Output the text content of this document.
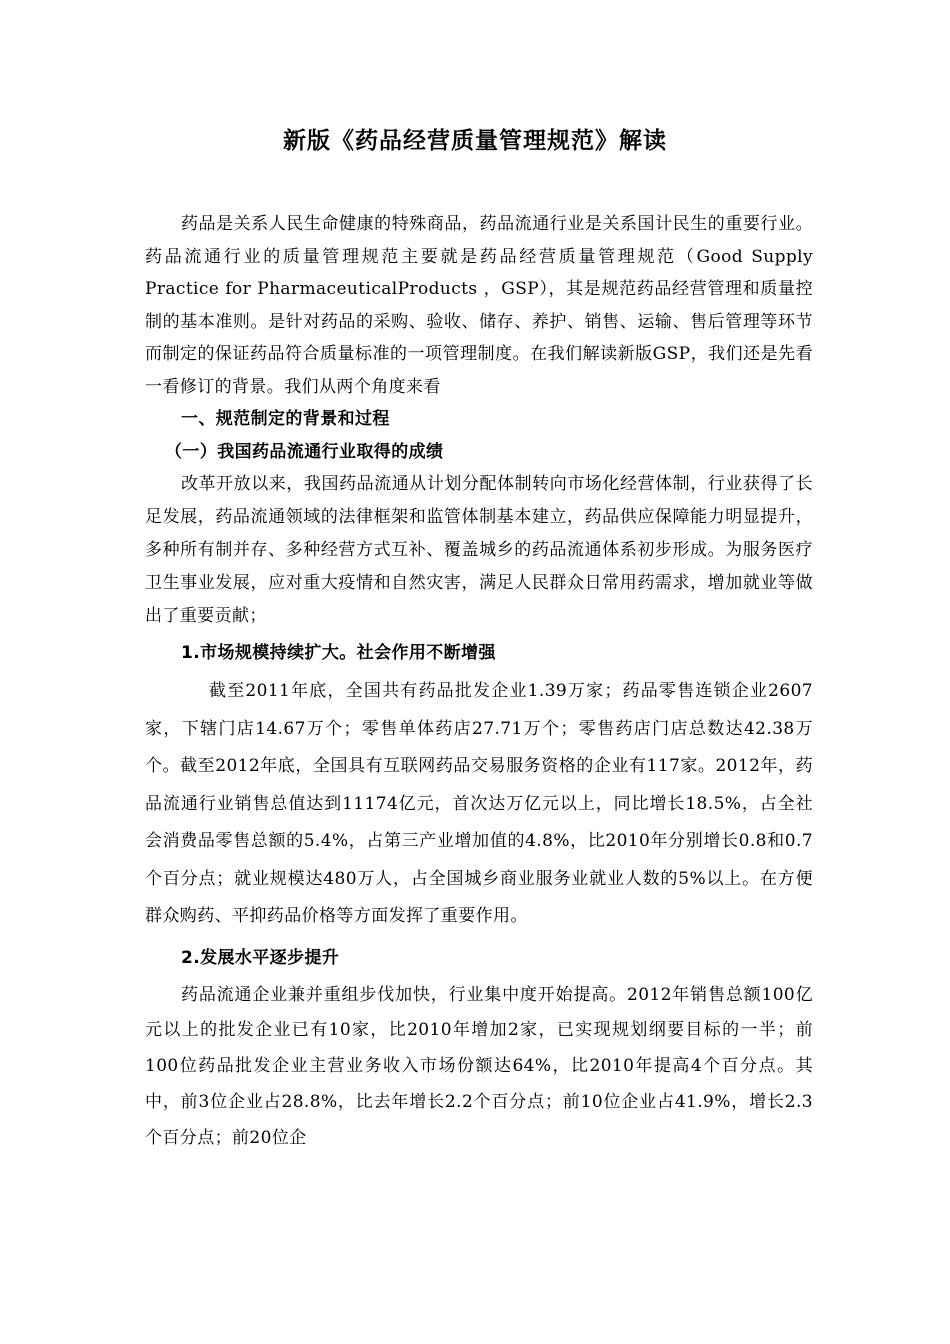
新版《药品经营质量管理规范》解读

药品是关系人民生命健康的特殊商品，药品流通行业是关系国计民生的重要行业。药品流通行业的质量管理规范主要就是药品经营质量管理规范（Good Supply Practice for PharmaceuticalProducts ，GSP），其是规范药品经营管理和质量控制的基本准则。是针对药品的采购、验收、储存、养护、销售、运输、售后管理等环节而制定的保证药品符合质量标准的一项管理制度。在我们解读新版GSP，我们还是先看一看修订的背景。我们从两个角度来看

一、规范制定的背景和过程

（一）我国药品流通行业取得的成绩

改革开放以来，我国药品流通从计划分配体制转向市场化经营体制，行业获得了长足发展，药品流通领域的法律框架和监管体制基本建立，药品供应保障能力明显提升，多种所有制并存、多种经营方式互补、覆盖城乡的药品流通体系初步形成。为服务医疗卫生事业发展，应对重大疫情和自然灾害，满足人民群众日常用药需求，增加就业等做出了重要贡献；

1.市场规模持续扩大。社会作用不断增强

截至2011年底，全国共有药品批发企业1.39万家；药品零售连锁企业2607家，下辖门店14.67万个；零售单体药店27.71万个；零售药店门店总数达42.38万个。截至2012年底，全国具有互联网药品交易服务资格的企业有117家。2012年，药品流通行业销售总值达到11174亿元，首次达万亿元以上，同比增长18.5%，占全社会消费品零售总额的5.4%，占第三产业增加值的4.8%，比2010年分别增长0.8和0.7个百分点；就业规模达480万人，占全国城乡商业服务业就业人数的5%以上。在方便群众购药、平抑药品价格等方面发挥了重要作用。

2.发展水平逐步提升

药品流通企业兼并重组步伐加快，行业集中度开始提高。2012年销售总额100亿元以上的批发企业已有10家，比2010年增加2家，已实现规划纲要目标的一半；前100位药品批发企业主营业务收入市场份额达64%，比2010年提高4个百分点。其中，前3位企业占28.8%，比去年增长2.2个百分点；前10位企业占41.9%，增长2.3个百分点；前20位企
